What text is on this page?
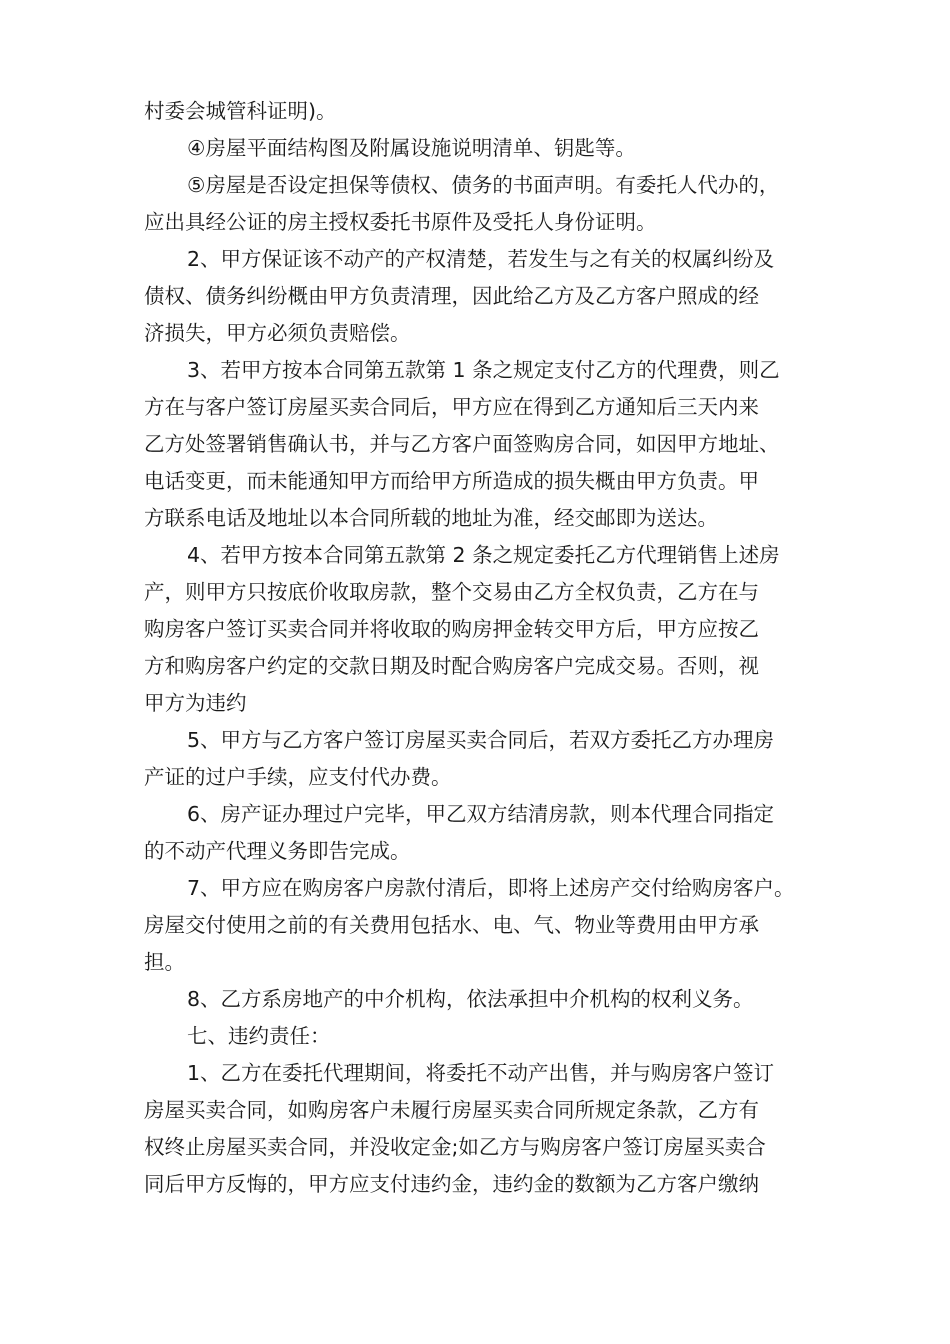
村委会城管科证明)。
④房屋平面结构图及附属设施说明清单、钥匙等。
⑤房屋是否设定担保等债权、债务的书面声明。有委托人代办的，
应出具经公证的房主授权委托书原件及受托人身份证明。
2、甲方保证该不动产的产权清楚，若发生与之有关的权属纠纷及
债权、债务纠纷概由甲方负责清理，因此给乙方及乙方客户照成的经
济损失，甲方必须负责赔偿。
3、若甲方按本合同第五款第 1 条之规定支付乙方的代理费，则乙
方在与客户签订房屋买卖合同后，甲方应在得到乙方通知后三天内来
乙方处签署销售确认书，并与乙方客户面签购房合同，如因甲方地址、
电话变更，而未能通知甲方而给甲方所造成的损失概由甲方负责。甲
方联系电话及地址以本合同所载的地址为准，经交邮即为送达。
4、若甲方按本合同第五款第 2 条之规定委托乙方代理销售上述房
产，则甲方只按底价收取房款，整个交易由乙方全权负责，乙方在与
购房客户签订买卖合同并将收取的购房押金转交甲方后，甲方应按乙
方和购房客户约定的交款日期及时配合购房客户完成交易。否则，视
甲方为违约
5、甲方与乙方客户签订房屋买卖合同后，若双方委托乙方办理房
产证的过户手续，应支付代办费。
6、房产证办理过户完毕，甲乙双方结清房款，则本代理合同指定
的不动产代理义务即告完成。
7、甲方应在购房客户房款付清后，即将上述房产交付给购房客户。
房屋交付使用之前的有关费用包括水、电、气、物业等费用由甲方承
担。
8、乙方系房地产的中介机构，依法承担中介机构的权利义务。
七、违约责任：
1、乙方在委托代理期间，将委托不动产出售，并与购房客户签订
房屋买卖合同，如购房客户未履行房屋买卖合同所规定条款，乙方有
权终止房屋买卖合同，并没收定金;如乙方与购房客户签订房屋买卖合
同后甲方反悔的，甲方应支付违约金，违约金的数额为乙方客户缴纳
